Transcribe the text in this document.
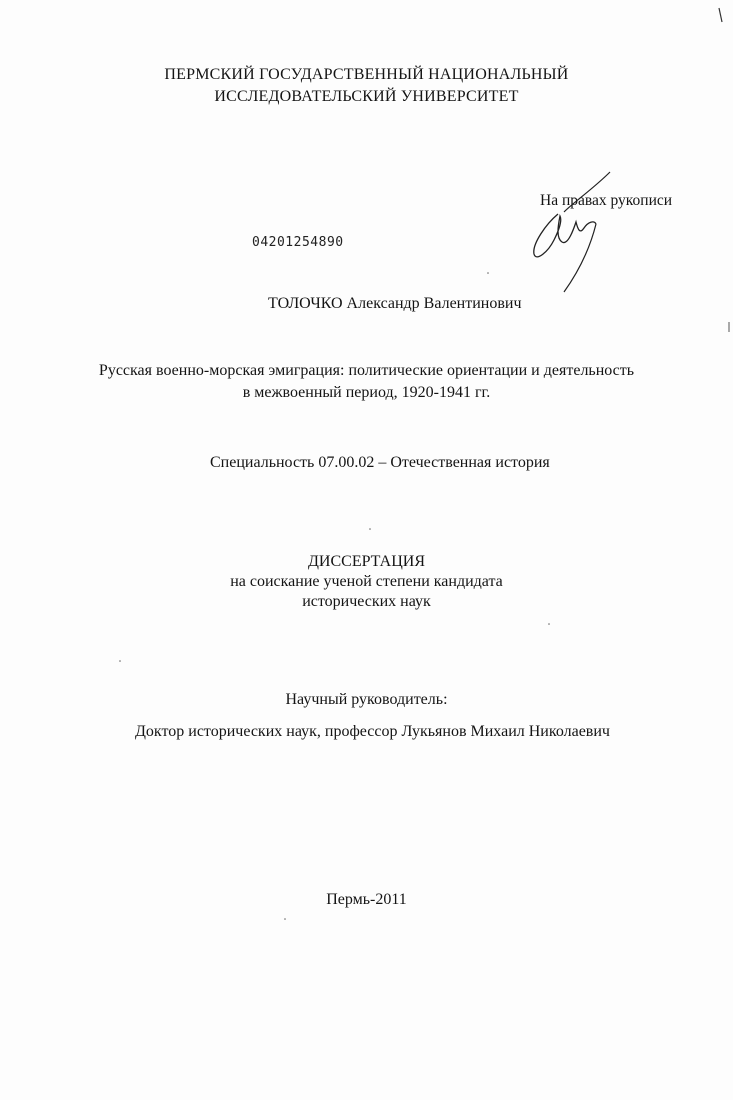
ПЕРМСКИЙ ГОСУДАРСТВЕННЫЙ НАЦИОНАЛЬНЫЙ
ИССЛЕДОВАТЕЛЬСКИЙ УНИВЕРСИТЕТ
На правах рукописи
04201254890
ТОЛОЧКО Александр Валентинович
Русская военно-морская эмиграция: политические ориентации и деятельность
в межвоенный период, 1920-1941 гг.
Специальность 07.00.02 – Отечественная история
ДИССЕРТАЦИЯ
на соискание ученой степени кандидата
исторических наук
Научный руководитель:
Доктор исторических наук, профессор Лукьянов Михаил Николаевич
Пермь-2011
